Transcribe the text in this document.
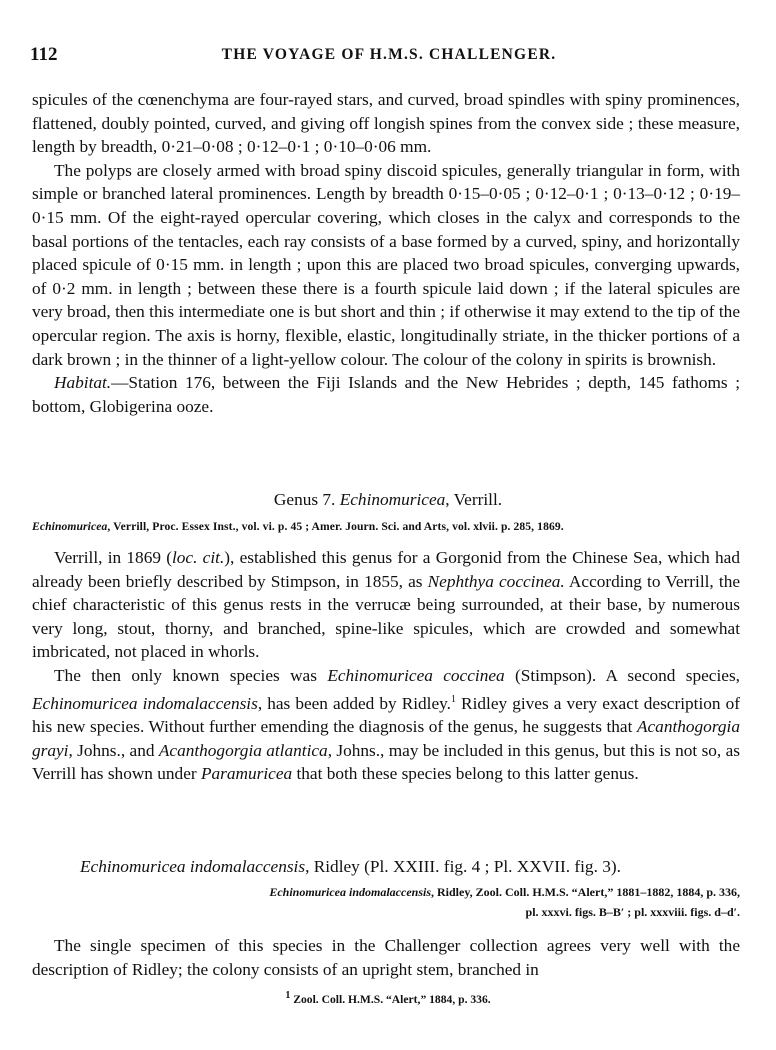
112	THE VOYAGE OF H.M.S. CHALLENGER.

spicules of the cœnenchyma are four-rayed stars, and curved, broad spindles with spiny prominences, flattened, doubly pointed, curved, and giving off longish spines from the convex side ; these measure, length by breadth, 0·21–0·08 ; 0·12–0·1 ; 0·10–0·06 mm.

The polyps are closely armed with broad spiny discoid spicules, generally triangular in form, with simple or branched lateral prominences. Length by breadth 0·15–0·05 ; 0·12–0·1 ; 0·13–0·12 ; 0·19–0·15 mm. Of the eight-rayed opercular covering, which closes in the calyx and corresponds to the basal portions of the tentacles, each ray consists of a base formed by a curved, spiny, and horizontally placed spicule of 0·15 mm. in length ; upon this are placed two broad spicules, converging upwards, of 0·2 mm. in length ; between these there is a fourth spicule laid down ; if the lateral spicules are very broad, then this intermediate one is but short and thin ; if otherwise it may extend to the tip of the opercular region. The axis is horny, flexible, elastic, longitudinally striate, in the thicker portions of a dark brown ; in the thinner of a light-yellow colour. The colour of the colony in spirits is brownish.

Habitat.—Station 176, between the Fiji Islands and the New Hebrides ; depth, 145 fathoms ; bottom, Globigerina ooze.

Genus 7. Echinomuricea, Verrill.
Echinomuricea, Verrill, Proc. Essex Inst., vol. vi. p. 45 ; Amer. Journ. Sci. and Arts, vol. xlvii. p. 285, 1869.

Verrill, in 1869 (loc. cit.), established this genus for a Gorgonid from the Chinese Sea, which had already been briefly described by Stimpson, in 1855, as Nephthya coccinea. According to Verrill, the chief characteristic of this genus rests in the verrucæ being surrounded, at their base, by numerous very long, stout, thorny, and branched, spine-like spicules, which are crowded and somewhat imbricated, not placed in whorls.

The then only known species was Echinomuricea coccinea (Stimpson). A second species, Echinomuricea indomalaccensis, has been added by Ridley.$^1$ Ridley gives a very exact description of his new species. Without further emending the diagnosis of the genus, he suggests that Acanthogorgia grayi, Johns., and Acanthogorgia atlantica, Johns., may be included in this genus, but this is not so, as Verrill has shown under Paramuricea that both these species belong to this latter genus.

Echinomuricea indomalaccensis, Ridley (Pl. XXIII. fig. 4 ; Pl. XXVII. fig. 3).
Echinomuricea indomalaccensis, Ridley, Zool. Coll. H.M.S. “Alert,” 1881–1882, 1884, p. 336,
pl. xxxvi. figs. B–B′ ; pl. xxxviii. figs. d–d′.

The single specimen of this species in the Challenger collection agrees very well with the description of Ridley; the colony consists of an upright stem, branched in

$^1$ Zool. Coll. H.M.S. “Alert,” 1884, p. 336.
